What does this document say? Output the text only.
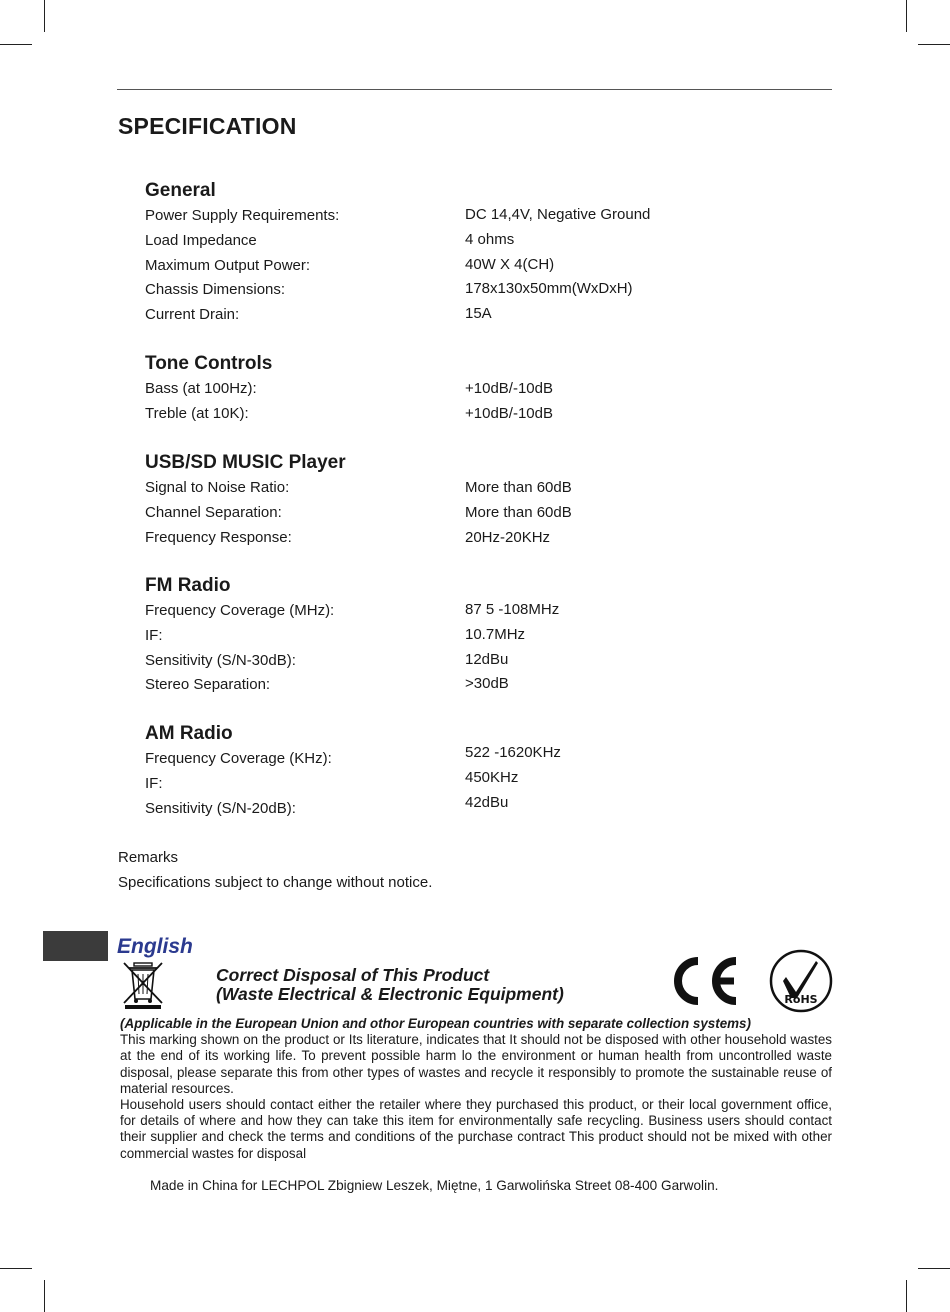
SPECIFICATION
General
Power Supply Requirements:	DC 14,4V, Negative Ground
Load Impedance	4 ohms
Maximum Output Power:	40W X 4(CH)
Chassis Dimensions:	178x130x50mm(WxDxH)
Current Drain:	15A
Tone Controls
Bass (at 100Hz):	+10dB/-10dB
Treble (at 10K):	+10dB/-10dB
USB/SD MUSIC Player
Signal to Noise Ratio:	More than 60dB
Channel Separation:	More than 60dB
Frequency Response:	20Hz-20KHz
FM Radio
Frequency Coverage (MHz):	87 5 -108MHz
IF:	10.7MHz
Sensitivity (S/N-30dB):	12dBu
Stereo Separation:	>30dB
AM Radio
Frequency Coverage (KHz):	522 -1620KHz
IF:	450KHz
Sensitivity (S/N-20dB):	42dBu
Remarks
Specifications subject to change without notice.
English
Correct Disposal of This Product
(Waste Electrical & Electronic Equipment)	RoHS

(Applicable in the European Union and othor European countries with separate collection systems)

This marking shown on the product or Its literature, indicates that It should not be disposed with other household wastes at the end of its working life. To prevent possible harm lo the environment or human health from uncontrolled waste disposal, please separate this from other types of wastes and recycle it responsibly to promote the sustainable reuse of material resources.

Household users should contact either the retailer where they purchased this product, or their local government office, for details of where and how they can take this item for environmentally safe recycling. Business users should contact their supplier and check the terms and conditions of the purchase contract This product should not be mixed with other commercial wastes for disposal

Made in China for LECHPOL Zbigniew Leszek, Miętne, 1 Garwolińska Street 08-400 Garwolin.
